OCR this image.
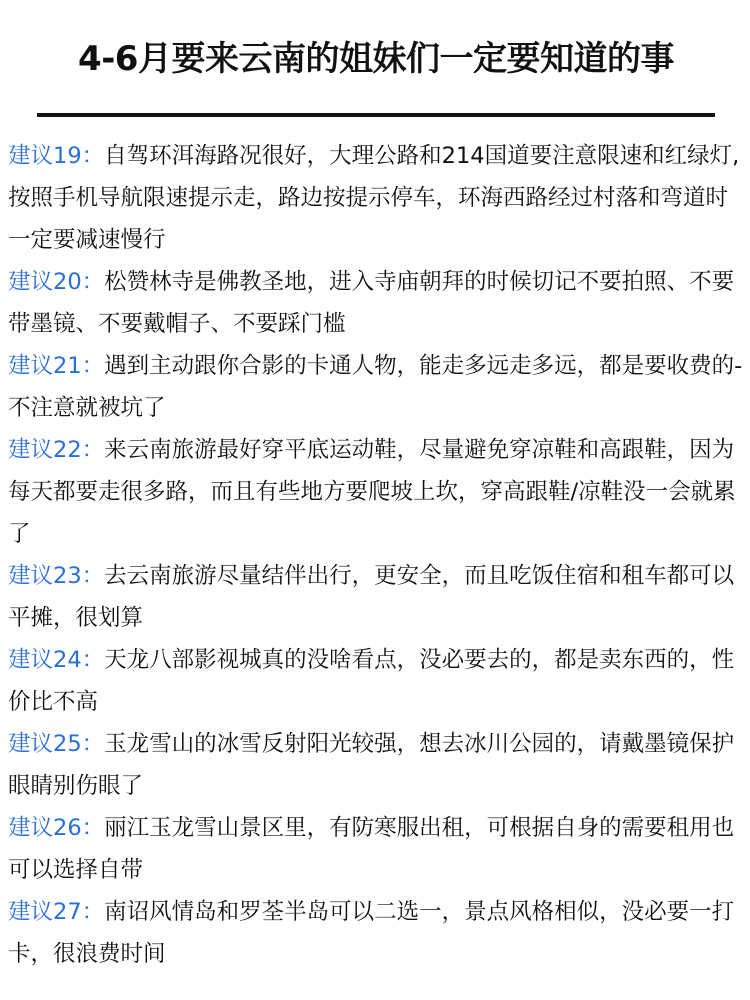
4-6月要来云南的姐妹们一定要知道的事

建议19：自驾环洱海路况很好，大理公路和214国道要注意限速和红绿灯,按照手机导航限速提示走，路边按提示停车，环海西路经过村落和弯道时一定要减速慢行

建议20：松赞林寺是佛教圣地，进入寺庙朝拜的时候切记不要拍照、不要带墨镜、不要戴帽子、不要踩门槛

建议21：遇到主动跟你合影的卡通人物，能走多远走多远，都是要收费的-不注意就被坑了

建议22：来云南旅游最好穿平底运动鞋，尽量避免穿凉鞋和高跟鞋，因为每天都要走很多路，而且有些地方要爬坡上坎，穿高跟鞋/凉鞋没一会就累了

建议23：去云南旅游尽量结伴出行，更安全，而且吃饭住宿和租车都可以平摊，很划算

建议24：天龙八部影视城真的没啥看点，没必要去的，都是卖东西的，性价比不高

建议25：玉龙雪山的冰雪反射阳光较强，想去冰川公园的，请戴墨镜保护眼睛别伤眼了

建议26：丽江玉龙雪山景区里，有防寒服出租，可根据自身的需要租用也可以选择自带

建议27：南诏风情岛和罗荃半岛可以二选一，景点风格相似，没必要一打卡，很浪费时间
